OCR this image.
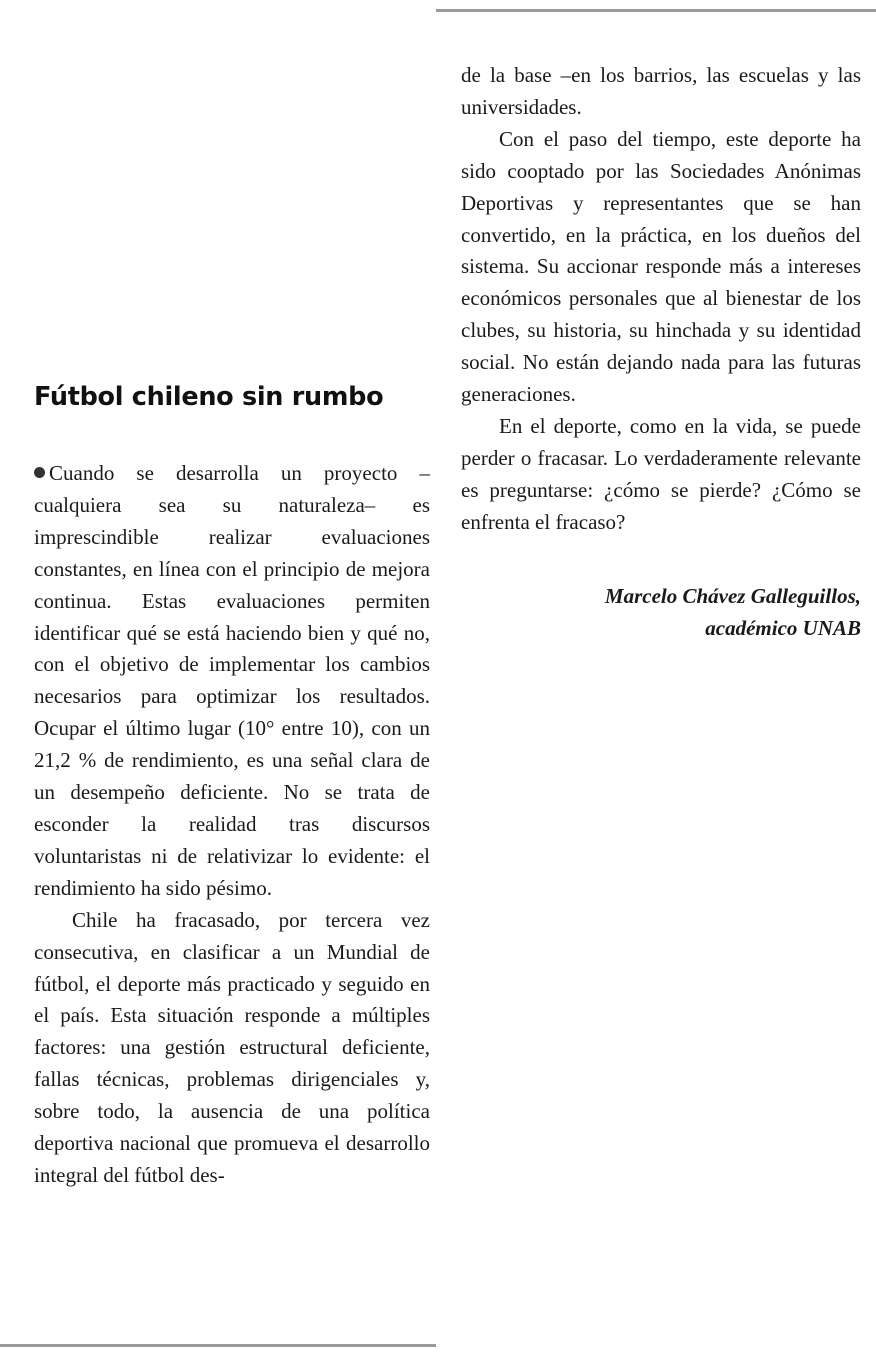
Fútbol chileno sin rumbo

Cuando se desarrolla un proyecto –cualquiera sea su naturaleza– es imprescindible realizar evaluaciones constantes, en línea con el principio de mejora continua. Estas evaluaciones permiten identificar qué se está haciendo bien y qué no, con el objetivo de implementar los cambios necesarios para optimizar los resultados. Ocupar el último lugar (10° entre 10), con un 21,2 % de rendimiento, es una señal clara de un desempeño deficiente. No se trata de esconder la realidad tras discursos voluntaristas ni de relativizar lo evidente: el rendimiento ha sido pésimo.

Chile ha fracasado, por tercera vez consecutiva, en clasificar a un Mundial de fútbol, el deporte más practicado y seguido en el país. Esta situación responde a múltiples factores: una gestión estructural deficiente, fallas técnicas, problemas dirigenciales y, sobre todo, la ausencia de una política deportiva nacional que promueva el desarrollo integral del fútbol des-

de la base –en los barrios, las escuelas y las universidades.

Con el paso del tiempo, este deporte ha sido cooptado por las Sociedades Anónimas Deportivas y representantes que se han convertido, en la práctica, en los dueños del sistema. Su accionar responde más a intereses económicos personales que al bienestar de los clubes, su historia, su hinchada y su identidad social. No están dejando nada para las futuras generaciones.

En el deporte, como en la vida, se puede perder o fracasar. Lo verdaderamente relevante es preguntarse: ¿cómo se pierde? ¿Cómo se enfrenta el fracaso?

Marcelo Chávez Galleguillos,
académico UNAB
